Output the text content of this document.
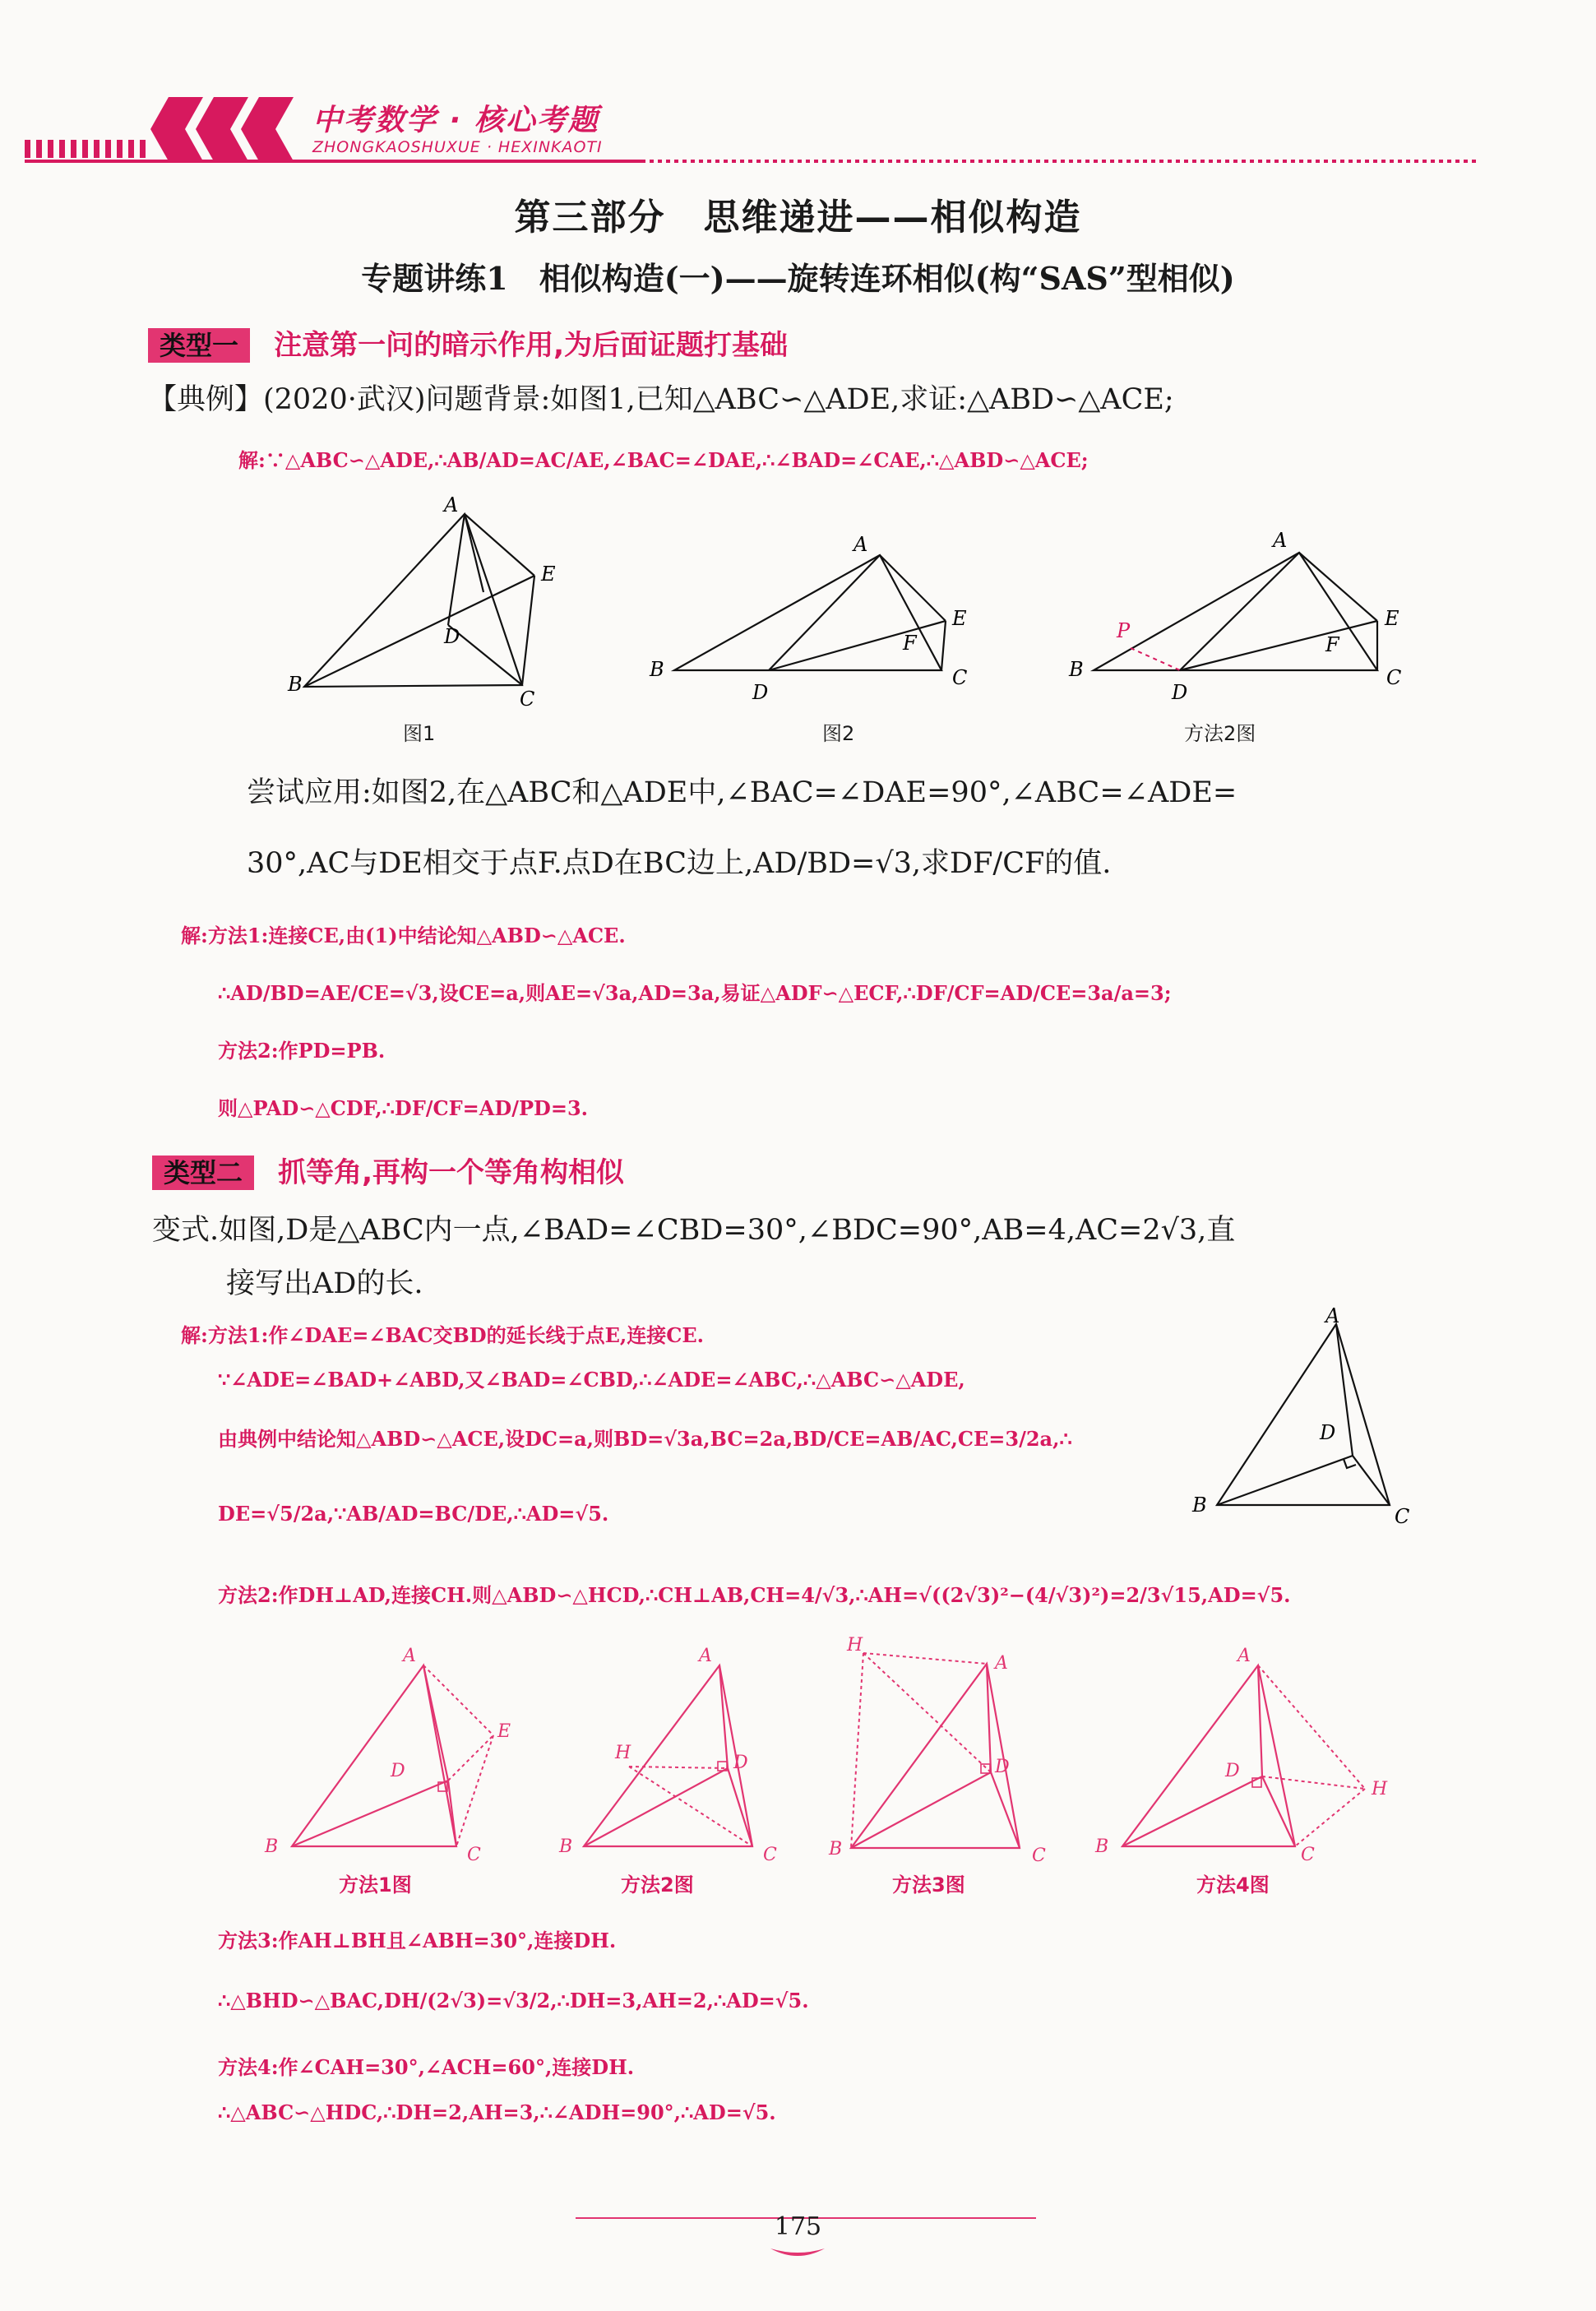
中考数学 · 核心考题
ZHONGKAOSHUXUE · HEXINKAOTI
第三部分　思维递进——相似构造
专题讲练1　相似构造(一)——旋转连环相似(构“SAS”型相似)
类型一 注意第一问的暗示作用,为后面证题打基础
【典例】(2020·武汉)问题背景:如图1,已知△ABC∽△ADE,求证:△ABD∽△ACE;
解:∵△ABC∽△ADE,∴AB/AD=AC/AE,∠BAC=∠DAE,∴∠BAD=∠CAE,∴△ABD∽△ACE;
A
E
D
B
C
图1
A
E
F
B
D
C
图2
A
E
F
P
B
D
C
方法2图
尝试应用:如图2,在△ABC和△ADE中,∠BAC=∠DAE=90°,∠ABC=∠ADE=
30°,AC与DE相交于点F.点D在BC边上,AD/BD=√3,求DF/CF的值.
解:方法1:连接CE,由(1)中结论知△ABD∽△ACE.
∴AD/BD=AE/CE=√3,设CE=a,则AE=√3a,AD=3a,易证△ADF∽△ECF,∴DF/CF=AD/CE=3a/a=3;
方法2:作PD=PB.
则△PAD∽△CDF,∴DF/CF=AD/PD=3.
类型二 抓等角,再构一个等角构相似
变式.如图,D是△ABC内一点,∠BAD=∠CBD=30°,∠BDC=90°,AB=4,AC=2√3,直
接写出AD的长.
解:方法1:作∠DAE=∠BAC交BD的延长线于点E,连接CE.
∵∠ADE=∠BAD+∠ABD,又∠BAD=∠CBD,∴∠ADE=∠ABC,∴△ABC∽△ADE,
由典例中结论知△ABD∽△ACE,设DC=a,则BD=√3a,BC=2a,BD/CE=AB/AC,CE=3/2a,∴
DE=√5/2a,∵AB/AD=BC/DE,∴AD=√5.
方法2:作DH⊥AD,连接CH.则△ABD∽△HCD,∴CH⊥AB,CH=4/√3,∴AH=√((2√3)²−(4/√3)²)=2/3√15,AD=√5.
A
D
B	C
A
E
D
B	C
方法1图
A
H	D
B	C
方法2图
H
A
D
B	C
方法3图
A
D
H
B	C
方法4图
方法3:作AH⊥BH且∠ABH=30°,连接DH.
∴△BHD∽△BAC,DH/(2√3)=√3/2,∴DH=3,AH=2,∴AD=√5.
方法4:作∠CAH=30°,∠ACH=60°,连接DH.
∴△ABC∽△HDC,∴DH=2,AH=3,∴∠ADH=90°,∴AD=√5.
175
